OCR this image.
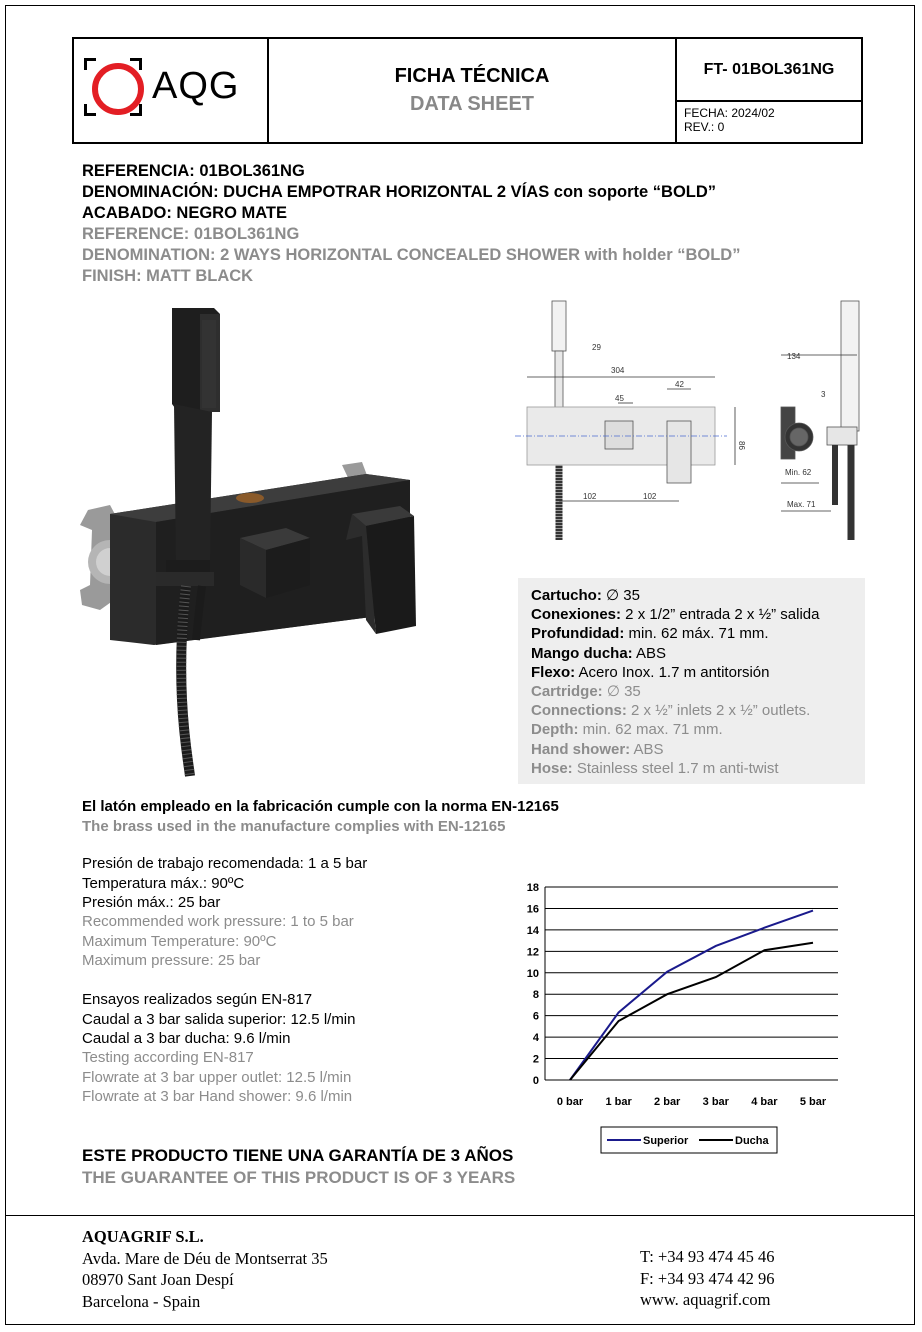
AQG	FICHA TÉCNICA
DATA SHEET
FT- 01BOL361NG
FECHA: 2024/02
REV.: 0
REFERENCIA: 01BOL361NG
DENOMINACIÓN: DUCHA EMPOTRAR HORIZONTAL 2 VÍAS con soporte “BOLD”
ACABADO: NEGRO MATE
REFERENCE: 01BOL361NG
DENOMINATION: 2 WAYS HORIZONTAL CONCEALED SHOWER with holder “BOLD”
FINISH: MATT BLACK
29
304
42
45
86
102	102
134
3
Min. 62
Max. 71
Cartucho: ∅ 35
Conexiones: 2 x 1/2” entrada 2 x ½” salida
Profundidad: min. 62 máx. 71 mm.
Mango ducha: ABS
Flexo: Acero Inox. 1.7 m antitorsión
Cartridge: ∅ 35
Connections: 2 x ½” inlets 2 x ½” outlets.
Depth: min. 62 max. 71 mm.
Hand shower: ABS
Hose: Stainless steel 1.7 m anti-twist
El latón empleado en la fabricación cumple con la norma EN-12165
The brass used in the manufacture complies with EN-12165
Presión de trabajo recomendada: 1 a 5 bar
Temperatura máx.: 90ºC
Presión máx.: 25 bar
Recommended work pressure: 1 to 5 bar
Maximum Temperature: 90ºC
Maximum pressure: 25 bar
Ensayos realizados según EN-817
Caudal a 3 bar salida superior: 12.5 l/min
Caudal a 3 bar ducha: 9.6 l/min
Testing according EN-817
Flowrate at 3 bar upper outlet: 12.5 l/min
Flowrate at 3 bar Hand shower: 9.6 l/min
0
2
4
6
8
10
12
14
16
18
0 bar 1 bar 2 bar 3 bar 4 bar 5 bar
Superior	Ducha
ESTE PRODUCTO TIENE UNA GARANTÍA DE 3 AÑOS
THE GUARANTEE OF THIS PRODUCT IS OF 3 YEARS
AQUAGRIF S.L.
Avda. Mare de Déu de Montserrat 35
08970 Sant Joan Despí
Barcelona - Spain
T: +34 93 474 45 46
F: +34 93 474 42 96
www. aquagrif.com
